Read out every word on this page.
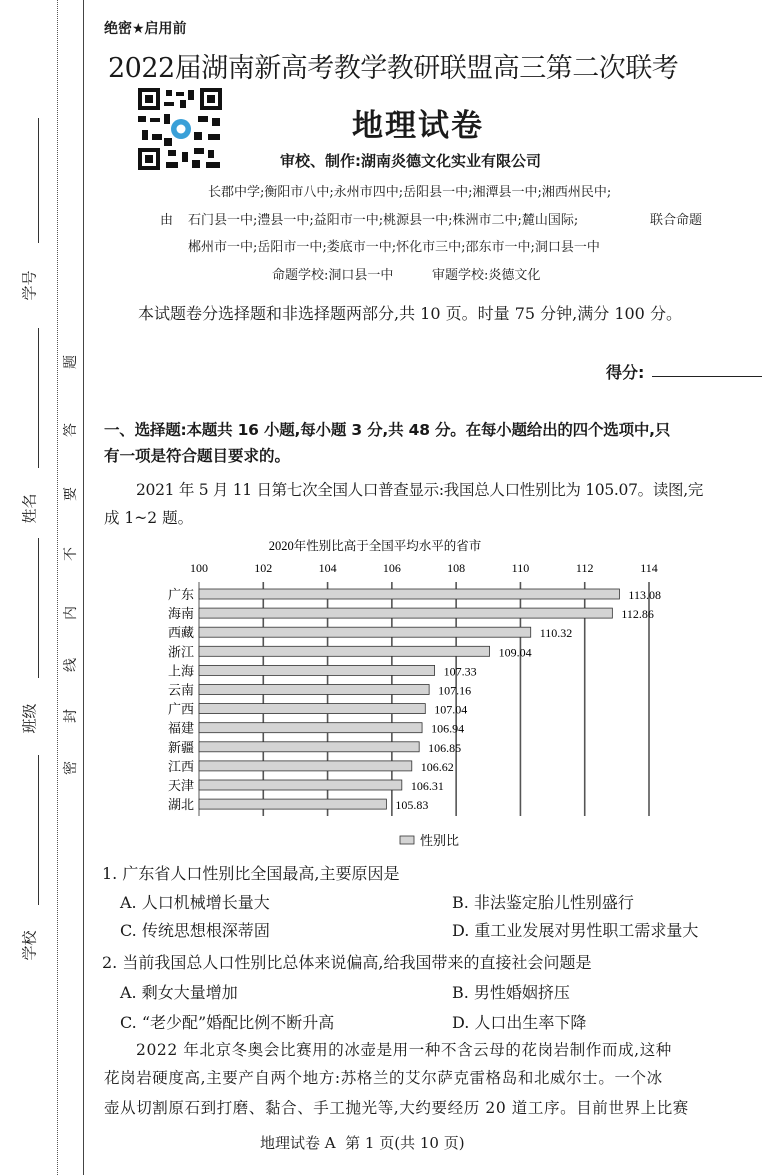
学号
姓名
班级
学校
题
答
要
不
内
线
封
密
绝密★启用前
2022届湖南新高考教学教研联盟高三第二次联考
地理试卷
审校、制作:湖南炎德文化实业有限公司
长郡中学;衡阳市八中;永州市四中;岳阳县一中;湘潭县一中;湘西州民中;
由 石门县一中;澧县一中;益阳市一中;桃源县一中;株洲市二中;麓山国际;	联合命题
郴州市一中;岳阳市一中;娄底市一中;怀化市三中;邵东市一中;洞口县一中
命题学校:洞口县一中	审题学校:炎德文化
本试题卷分选择题和非选择题两部分,共 10 页。时量 75 分钟,满分 100 分。
得分:
一、选择题:本题共 16 小题,每小题 3 分,共 48 分。在每小题给出的四个选项中,只
有一项是符合题目要求的。
2021 年 5 月 11 日第七次全国人口普查显示:我国总人口性别比为 105.07。读图,完
成 1~2 题。
2020年性别比高于全国平均水平的省市
100	102	104	106	108	110	112	114
广东
海南
西藏
浙江
上海
云南
广西
福建
新疆
江西
天津
湖北
113.08
112.86
110.32
109.04
107.33
107.16
107.04
106.94
106.85
106.62
106.31
105.83
性别比
1. 广东省人口性别比全国最高,主要原因是
A. 人口机械增长量大	B. 非法鉴定胎儿性别盛行
C. 传统思想根深蒂固	D. 重工业发展对男性职工需求量大
2. 当前我国总人口性别比总体来说偏高,给我国带来的直接社会问题是
A. 剩女大量增加	B. 男性婚姻挤压
C. “老少配”婚配比例不断升高	D. 人口出生率下降
2022 年北京冬奥会比赛用的冰壶是用一种不含云母的花岗岩制作而成,这种
花岗岩硬度高,主要产自两个地方:苏格兰的艾尔萨克雷格岛和北威尔士。一个冰
壶从切割原石到打磨、黏合、手工抛光等,大约要经历 20 道工序。目前世界上比赛
地理试卷 A  第 1 页(共 10 页)
